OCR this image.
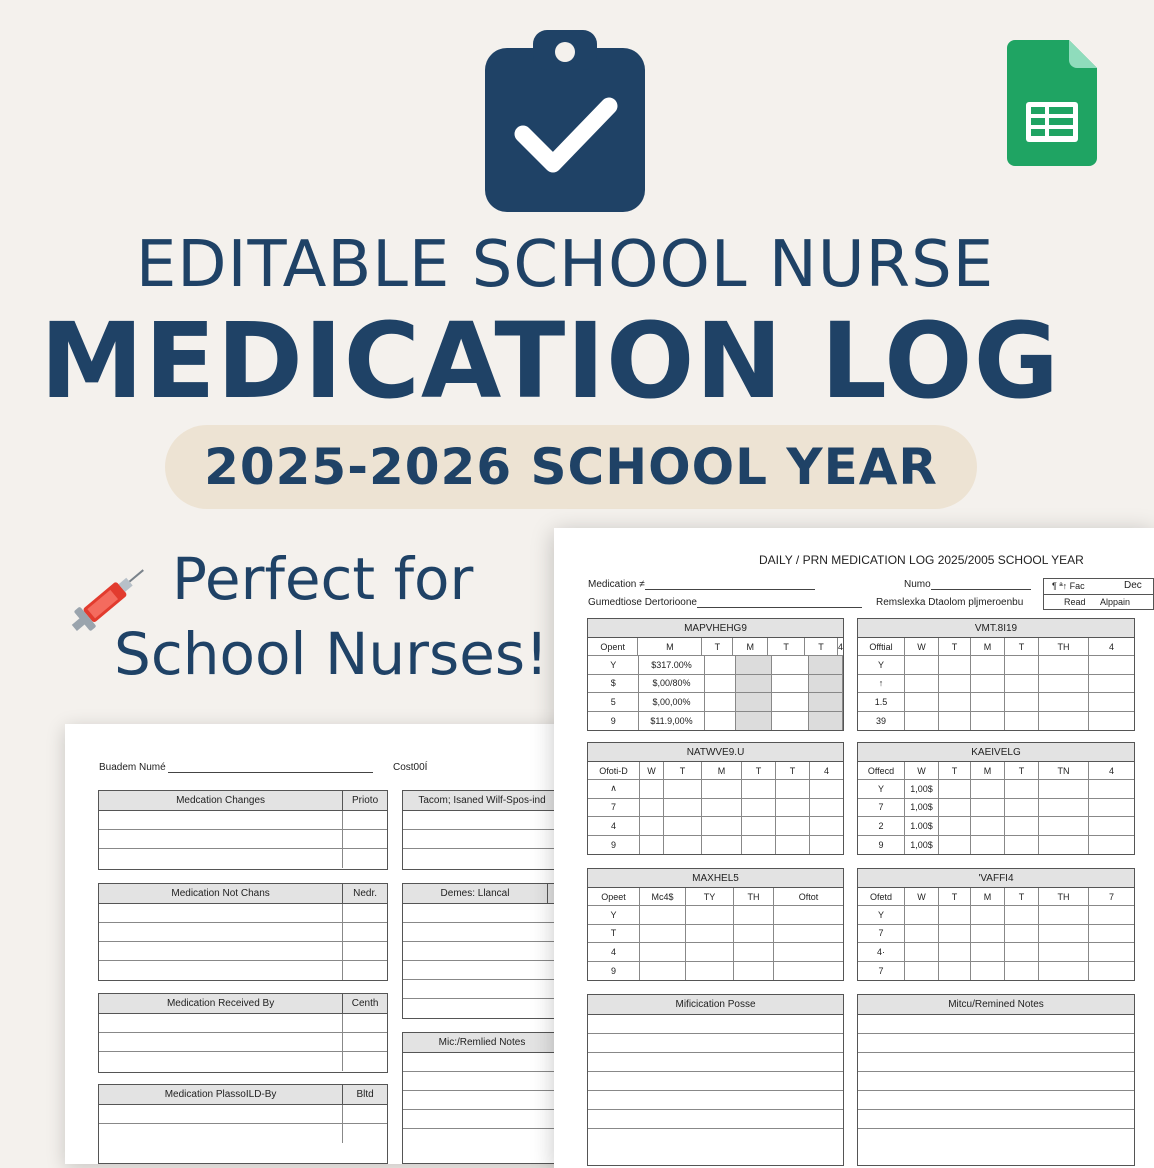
EDITABLE SCHOOL NURSE
MEDICATION LOG
2025-2026 SCHOOL YEAR
Perfect for
School Nurses!
Buadem Numé	Cost00Í
Medcation Changes	Prioto
Medication Not Chans	Nedr.
Medication Received By	Centh
Medication PlassoILD-By	Bltd
Tacom; Isaned Wilf-Spos-ind
Demes: Llancal
Mic:/Remlied Notes
DAILY / PRN MEDICATION LOG 2025/2005 SCHOOL YEAR
Medication ≠
Gumedtiose Dertorioone
Numo
Remslexka Dtaolom pljmeroenbu
¶ ª↑ Fac	Dec
Read Alppain
MAPVHEHG9
Opent	M	T	M	T	T	4
Y	$317.00%
$	$,00/80%
5	$,00,00%
9	$11.9,00%
VMT.8I19
Offtial	W	T	M	T	TH	4
Y
↑
1.5
39
NATWVE9.U
Ofoti-D	W	T	M	T	T	4
∧
7
4
9
KAEIVELG
Offecd	W	T	M	T	TN	4
Y	1,00$
7	1,00$
2	1.00$
9	1,00$
MAXHEL5
Opeet	Mc4$	TY	TH	Oftot
Y
T
4
9
'VAFFI4
Ofetd	W	T	M	T	TH	7
Y
7
4·
7
Mificication Posse	Mitcu/Remined Notes
